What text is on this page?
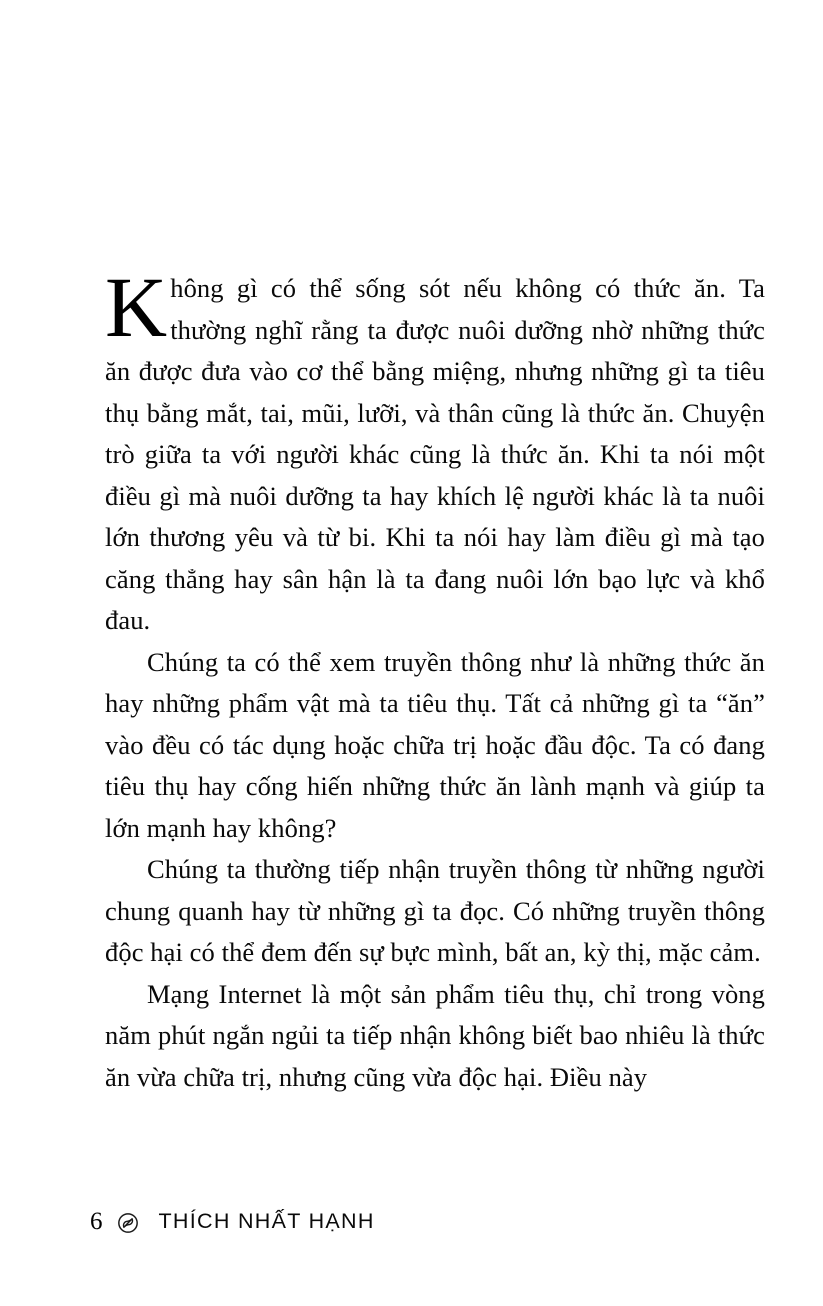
Không gì có thể sống sót nếu không có thức ăn. Ta thường nghĩ rằng ta được nuôi dưỡng nhờ những thức ăn được đưa vào cơ thể bằng miệng, nhưng những gì ta tiêu thụ bằng mắt, tai, mũi, lưỡi, và thân cũng là thức ăn. Chuyện trò giữa ta với người khác cũng là thức ăn. Khi ta nói một điều gì mà nuôi dưỡng ta hay khích lệ người khác là ta nuôi lớn thương yêu và từ bi. Khi ta nói hay làm điều gì mà tạo căng thẳng hay sân hận là ta đang nuôi lớn bạo lực và khổ đau.

Chúng ta có thể xem truyền thông như là những thức ăn hay những phẩm vật mà ta tiêu thụ. Tất cả những gì ta “ăn” vào đều có tác dụng hoặc chữa trị hoặc đầu độc. Ta có đang tiêu thụ hay cống hiến những thức ăn lành mạnh và giúp ta lớn mạnh hay không?

Chúng ta thường tiếp nhận truyền thông từ những người chung quanh hay từ những gì ta đọc. Có những truyền thông độc hại có thể đem đến sự bực mình, bất an, kỳ thị, mặc cảm.

Mạng Internet là một sản phẩm tiêu thụ, chỉ trong vòng năm phút ngắn ngủi ta tiếp nhận không biết bao nhiêu là thức ăn vừa chữa trị, nhưng cũng vừa độc hại. Điều này

6	THÍCH NHẤT HẠNH
